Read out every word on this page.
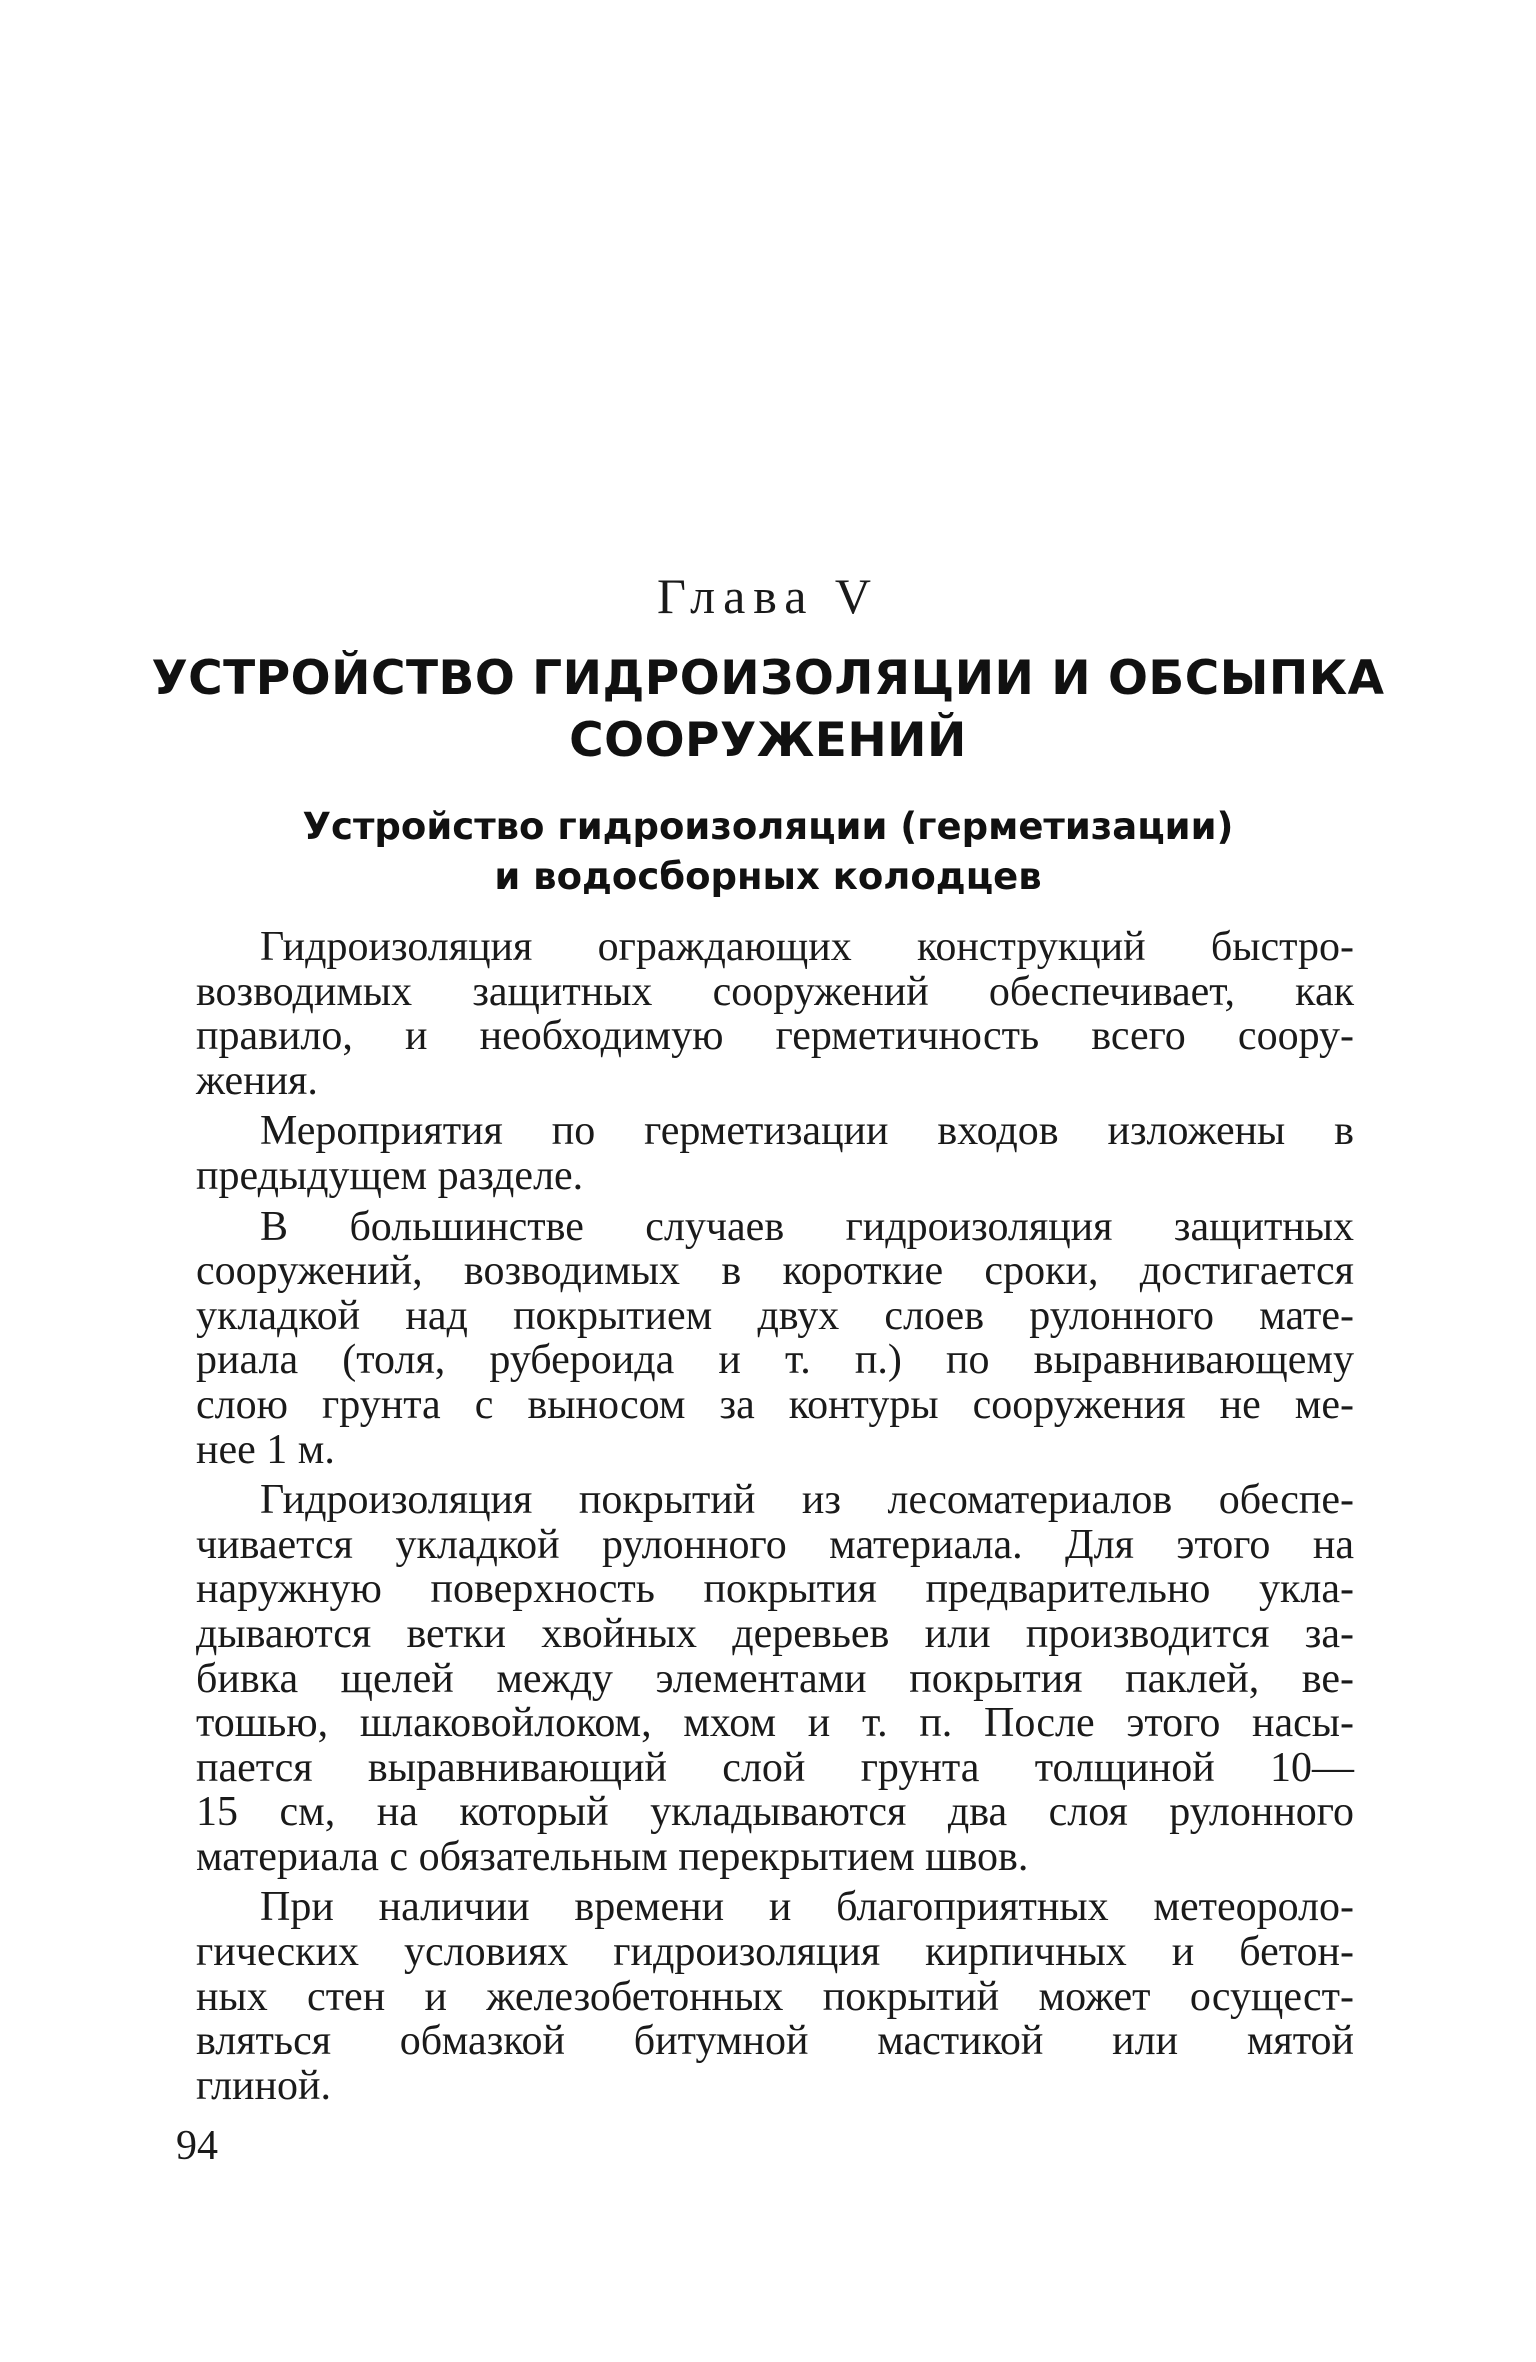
Глава V
УСТРОЙСТВО ГИДРОИЗОЛЯЦИИ И ОБСЫПКА
СООРУЖЕНИЙ
Устройство гидроизоляции (герметизации)
и водосборных колодцев
Гидроизоляция ограждающих конструкций быстро-
возводимых защитных сооружений обеспечивает, как
правило, и необходимую герметичность всего соору-
жения.
Мероприятия по герметизации входов изложены в
предыдущем разделе.
В большинстве случаев гидроизоляция защитных
сооружений, возводимых в короткие сроки, достигается
укладкой над покрытием двух слоев рулонного мате-
риала (толя, рубероида и т. п.) по выравнивающему
слою грунта с выносом за контуры сооружения не ме-
нее 1 м.
Гидроизоляция покрытий из лесоматериалов обеспе-
чивается укладкой рулонного материала. Для этого на
наружную поверхность покрытия предварительно укла-
дываются ветки хвойных деревьев или производится за-
бивка щелей между элементами покрытия паклей, ве-
тошью, шлаковойлоком, мхом и т. п. После этого насы-
пается выравнивающий слой грунта толщиной 10—
15 см, на который укладываются два слоя рулонного
материала с обязательным перекрытием швов.
При наличии времени и благоприятных метеороло-
гических условиях гидроизоляция кирпичных и бетон-
ных стен и железобетонных покрытий может осущест-
вляться обмазкой битумной мастикой или мятой
глиной.
94
